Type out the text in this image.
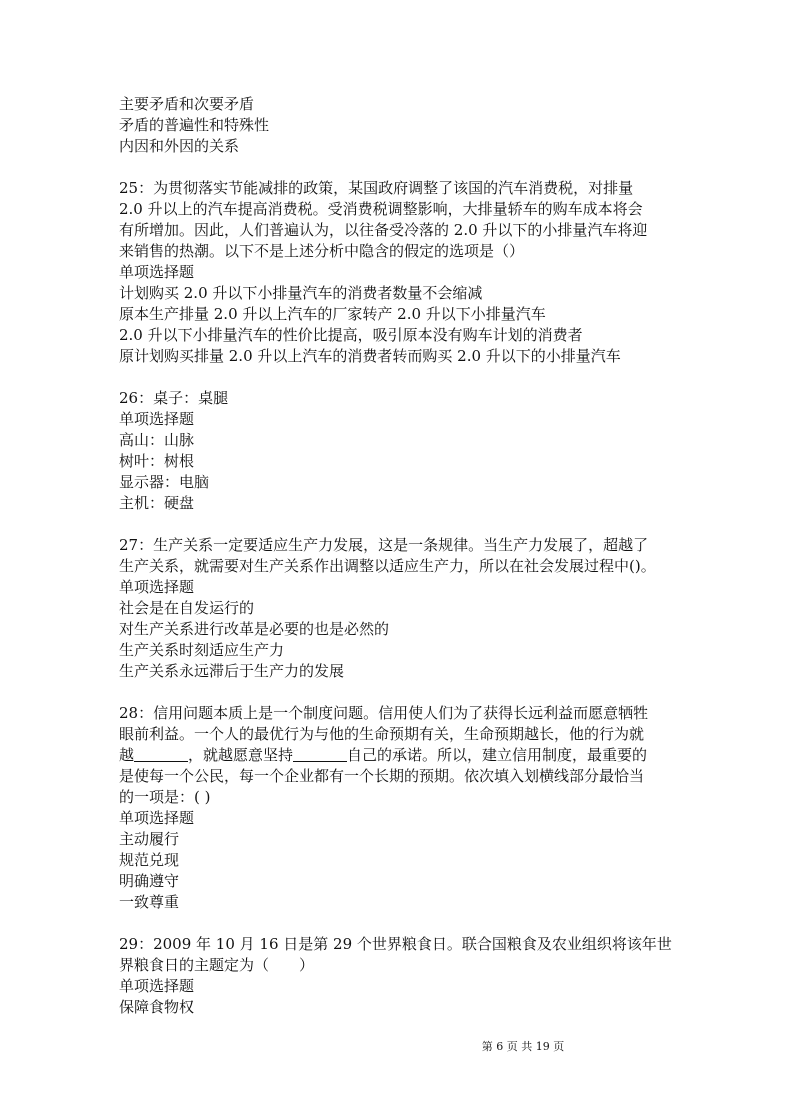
主要矛盾和次要矛盾
矛盾的普遍性和特殊性
内因和外因的关系
25：为贯彻落实节能减排的政策，某国政府调整了该国的汽车消费税，对排量
2.0 升以上的汽车提高消费税。受消费税调整影响，大排量轿车的购车成本将会
有所增加。因此，人们普遍认为，以往备受冷落的 2.0 升以下的小排量汽车将迎
来销售的热潮。以下不是上述分析中隐含的假定的选项是（）
单项选择题
计划购买 2.0 升以下小排量汽车的消费者数量不会缩减
原本生产排量 2.0 升以上汽车的厂家转产 2.0 升以下小排量汽车
2.0 升以下小排量汽车的性价比提高，吸引原本没有购车计划的消费者
原计划购买排量 2.0 升以上汽车的消费者转而购买 2.0 升以下的小排量汽车
26：桌子：桌腿
单项选择题
高山：山脉
树叶：树根
显示器：电脑
主机：硬盘
27：生产关系一定要适应生产力发展，这是一条规律。当生产力发展了，超越了
生产关系，就需要对生产关系作出调整以适应生产力，所以在社会发展过程中()。
单项选择题
社会是在自发运行的
对生产关系进行改革是必要的也是必然的
生产关系时刻适应生产力
生产关系永远滞后于生产力的发展
28：信用问题本质上是一个制度问题。信用使人们为了获得长远利益而愿意牺牲
眼前利益。一个人的最优行为与他的生命预期有关，生命预期越长，他的行为就
越	，就越愿意坚持	自己的承诺。所以，建立信用制度，最重要的
是使每一个公民，每一个企业都有一个长期的预期。依次填入划横线部分最恰当
的一项是：( )
单项选择题
主动履行
规范兑现
明确遵守
一致尊重
29：2009 年 10 月 16 日是第 29 个世界粮食日。联合国粮食及农业组织将该年世
界粮食日的主题定为（　　）
单项选择题
保障食物权
第 6 页 共 19 页
